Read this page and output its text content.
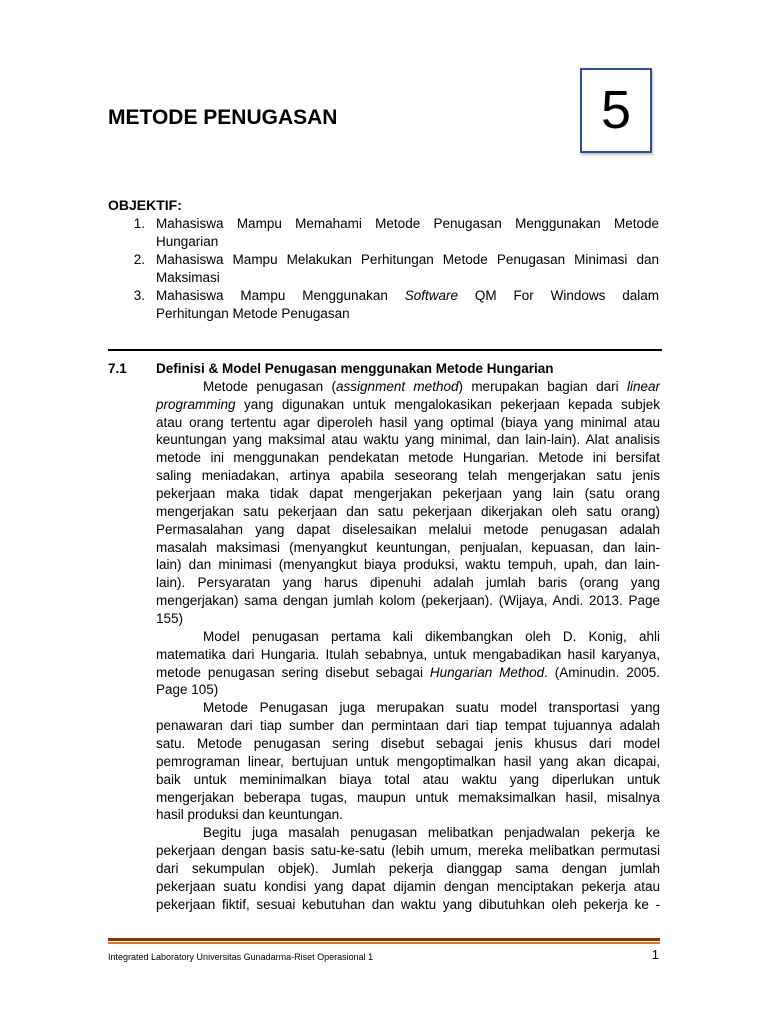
METODE PENUGASAN	5
OBJEKTIF:
1. Mahasiswa Mampu Memahami Metode Penugasan Menggunakan Metode
Hungarian
2. Mahasiswa Mampu Melakukan Perhitungan Metode Penugasan Minimasi dan
Maksimasi
3. Mahasiswa Mampu Menggunakan Software QM For Windows dalam
Perhitungan Metode Penugasan
7.1	Definisi & Model Penugasan menggunakan Metode Hungarian
Metode penugasan (assignment method) merupakan bagian dari linear
programming yang digunakan untuk mengalokasikan pekerjaan kepada subjek
atau orang tertentu agar diperoleh hasil yang optimal (biaya yang minimal atau
keuntungan yang maksimal atau waktu yang minimal, dan lain-lain). Alat analisis
metode ini menggunakan pendekatan metode Hungarian. Metode ini bersifat
saling meniadakan, artinya apabila seseorang telah mengerjakan satu jenis
pekerjaan maka tidak dapat mengerjakan pekerjaan yang lain (satu orang
mengerjakan satu pekerjaan dan satu pekerjaan dikerjakan oleh satu orang)
Permasalahan yang dapat diselesaikan melalui metode penugasan adalah
masalah maksimasi (menyangkut keuntungan, penjualan, kepuasan, dan lain-
lain) dan minimasi (menyangkut biaya produksi, waktu tempuh, upah, dan lain-
lain). Persyaratan yang harus dipenuhi adalah jumlah baris (orang yang
mengerjakan) sama dengan jumlah kolom (pekerjaan). (Wijaya, Andi. 2013. Page
155)
Model penugasan pertama kali dikembangkan oleh D. Konig, ahli
matematika dari Hungaria. Itulah sebabnya, untuk mengabadikan hasil karyanya,
metode penugasan sering disebut sebagai Hungarian Method. (Aminudin. 2005.
Page 105)
Metode Penugasan juga merupakan suatu model transportasi yang
penawaran dari tiap sumber dan permintaan dari tiap tempat tujuannya adalah
satu. Metode penugasan sering disebut sebagai jenis khusus dari model
pemrograman linear, bertujuan untuk mengoptimalkan hasil yang akan dicapai,
baik untuk meminimalkan biaya total atau waktu yang diperlukan untuk
mengerjakan beberapa tugas, maupun untuk memaksimalkan hasil, misalnya
hasil produksi dan keuntungan.
Begitu juga masalah penugasan melibatkan penjadwalan pekerja ke
pekerjaan dengan basis satu-ke-satu (lebih umum, mereka melibatkan permutasi
dari sekumpulan objek). Jumlah pekerja dianggap sama dengan jumlah
pekerjaan suatu kondisi yang dapat dijamin dengan menciptakan pekerja atau
pekerjaan fiktif, sesuai kebutuhan dan waktu yang dibutuhkan oleh pekerja ke -
Integrated Laboratory Universitas Gunadarma-Riset Operasional 1	1
